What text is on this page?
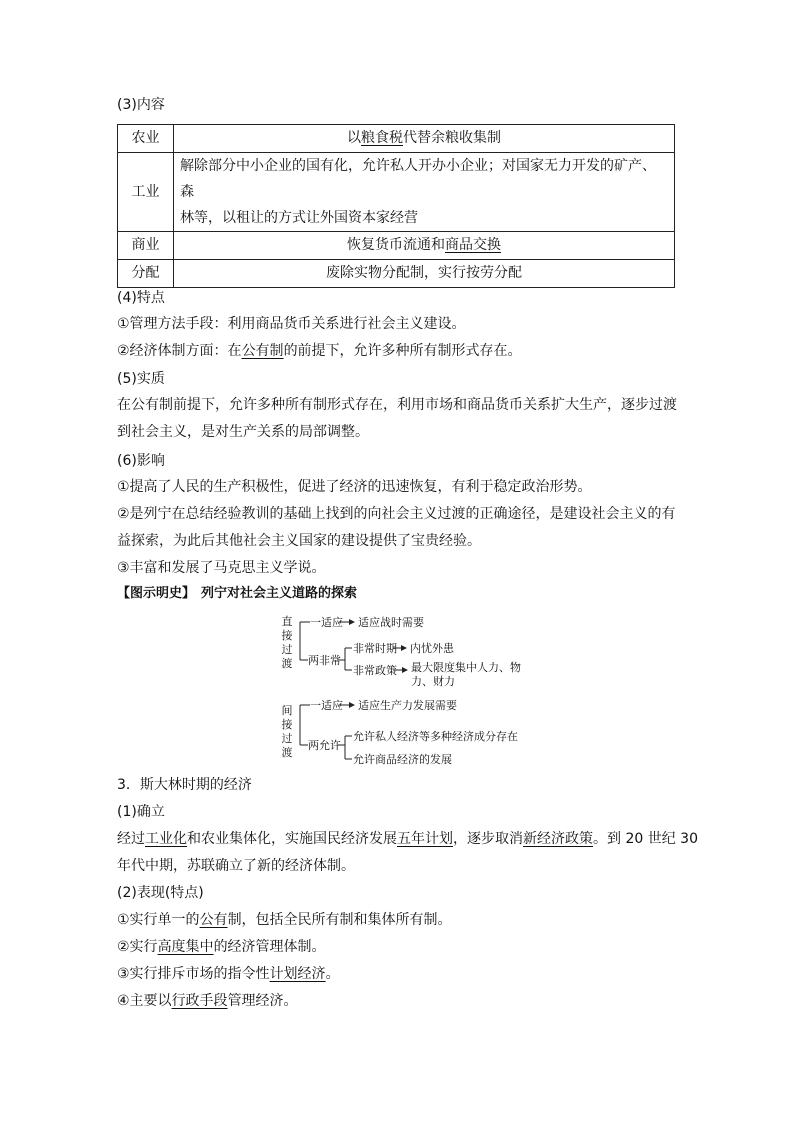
(3)内容
农业	以粮食税代替余粮收集制
工业	解除部分中小企业的国有化，允许私人开办小企业；对国家无力开发的矿产、森
林等，以租让的方式让外国资本家经营

商业	恢复货币流通和商品交换
分配	废除实物分配制，实行按劳分配
(4)特点
①管理方法手段：利用商品货币关系进行社会主义建设。
②经济体制方面：在公有制的前提下，允许多种所有制形式存在。
(5)实质
在公有制前提下，允许多种所有制形式存在，利用市场和商品货币关系扩大生产，逐步过渡
到社会主义，是对生产关系的局部调整。
(6)影响
①提高了人民的生产积极性，促进了经济的迅速恢复，有利于稳定政治形势。
②是列宁在总结经验教训的基础上找到的向社会主义过渡的正确途径，是建设社会主义的有
益探索，为此后其他社会主义国家的建设提供了宝贵经验。
③丰富和发展了马克思主义学说。
【图示明史】 列宁对社会主义道路的探索
直
接
过
渡
间
接
过
渡
一适应 适应战时需要
两非常
非常时期 内忧外患
非常政策 最大限度集中人力、物
力、财力
一适应 适应生产力发展需要
两允许
允许私人经济等多种经济成分存在
允许商品经济的发展
3．斯大林时期的经济
(1)确立
经过工业化和农业集体化，实施国民经济发展五年计划，逐步取消新经济政策。到 20 世纪 30
年代中期，苏联确立了新的经济体制。
(2)表现(特点)
①实行单一的公有制，包括全民所有制和集体所有制。
②实行高度集中的经济管理体制。
③实行排斥市场的指令性计划经济。
④主要以行政手段管理经济。
